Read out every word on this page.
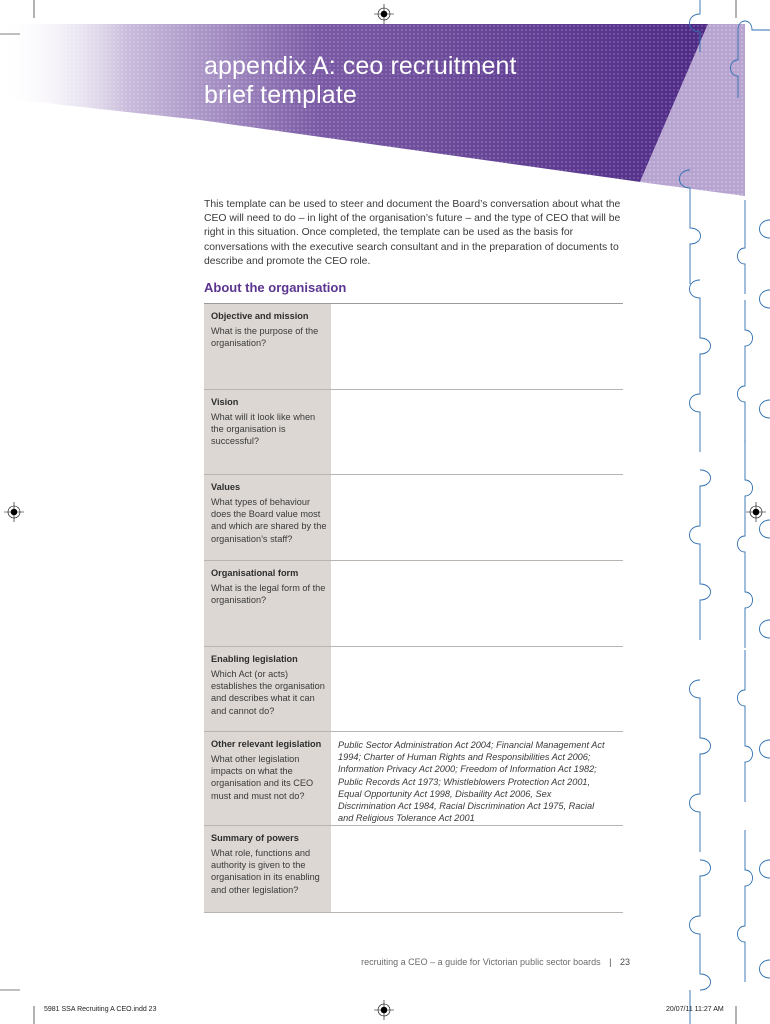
appendix A: ceo recruitment
brief template

This template can be used to steer and document the Board’s conversation about what the CEO will need to do – in light of the organisation’s future – and the type of CEO that will be right in this situation. Once completed, the template can be used as the basis for conversations with the executive search consultant and in the preparation of documents to describe and promote the CEO role.

About the organisation
Objective and mission
What is the purpose of the organisation?
Vision
What will it look like when the organisation is successful?
Values
What types of behaviour does the Board value most and which are shared by the organisation’s staff?
Organisational form
What is the legal form of the organisation?
Enabling legislation
Which Act (or acts) establishes the organisation and describes what it can and cannot do?
Other relevant legislation
What other legislation impacts on what the organisation and its CEO must and must not do?
Public Sector Administration Act 2004; Financial Management Act 1994; Charter of Human Rights and Responsibilities Act 2006; Information Privacy Act 2000; Freedom of Information Act 1982; Public Records Act 1973; Whistleblowers Protection Act 2001, Equal Opportunity Act 1998, Disbaility Act 2006, Sex Discrimination Act 1984, Racial Discrimination Act 1975, Racial and Religious Tolerance Act 2001
Summary of powers
What role, functions and authority is given to the organisation in its enabling and other legislation?
recruiting a CEO – a guide for Victorian public sector boards | 23
5981 SSA Recruiting A CEO.indd 23	20/07/11 11:27 AM
